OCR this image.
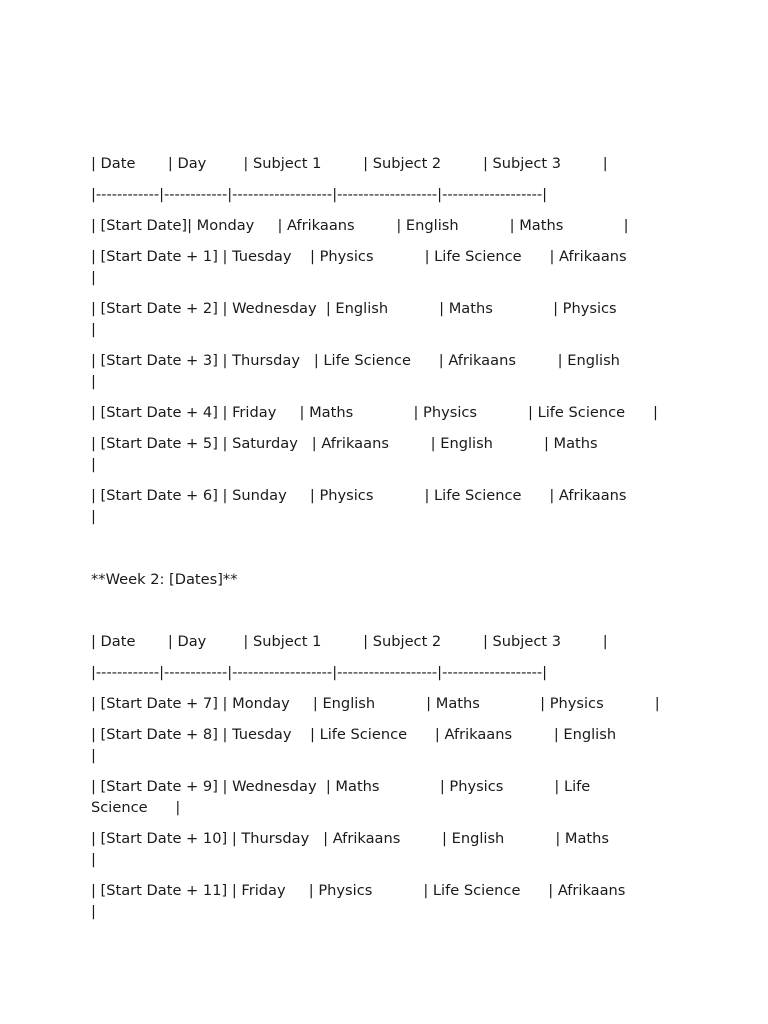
| Date       | Day        | Subject 1         | Subject 2         | Subject 3         |
|------------|------------|-------------------|-------------------|-------------------|
| [Start Date]| Monday     | Afrikaans         | English           | Maths             |
| [Start Date + 1] | Tuesday    | Physics           | Life Science      | Afrikaans         |
| [Start Date + 2] | Wednesday  | English           | Maths             | Physics           |
| [Start Date + 3] | Thursday   | Life Science      | Afrikaans         | English           |
| [Start Date + 4] | Friday     | Maths             | Physics           | Life Science      |
| [Start Date + 5] | Saturday   | Afrikaans         | English           | Maths             |
| [Start Date + 6] | Sunday     | Physics           | Life Science      | Afrikaans         |
**Week 2: [Dates]**
| Date       | Day        | Subject 1         | Subject 2         | Subject 3         |
|------------|------------|-------------------|-------------------|-------------------|
| [Start Date + 7] | Monday     | English           | Maths             | Physics           |
| [Start Date + 8] | Tuesday    | Life Science      | Afrikaans         | English           |
| [Start Date + 9] | Wednesday  | Maths             | Physics           | Life Science      |
| [Start Date + 10] | Thursday   | Afrikaans         | English           | Maths             |
| [Start Date + 11] | Friday     | Physics           | Life Science      | Afrikaans         |
